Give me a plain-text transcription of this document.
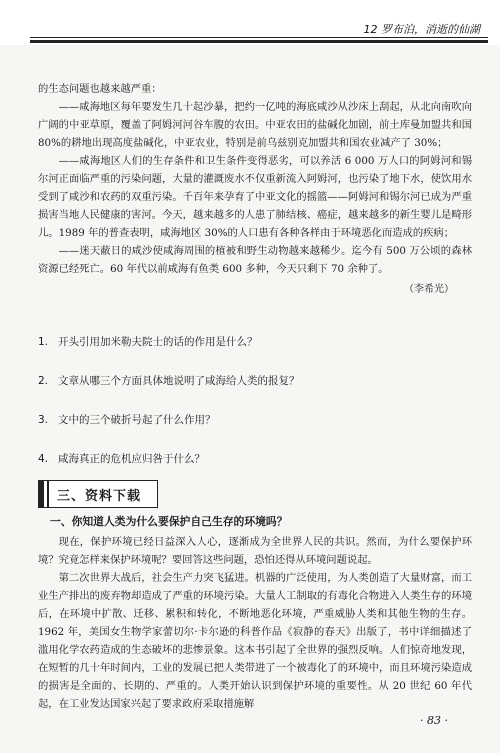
12 罗布泊，消逝的仙湖

的生态问题也越来越严重：

——咸海地区每年要发生几十起沙暴，把约一亿吨的海底咸沙从沙床上刮起，从北向南吹向广阔的中亚草原，覆盖了阿姆河河谷车腹的农田。中亚农田的盐碱化加剧，前土库曼加盟共和国 80%的耕地出现高度盐碱化，中亚农业，特别是前乌兹别克加盟共和国农业减产了 30%；

——咸海地区人们的生存条件和卫生条件变得恶劣，可以养活 6 000 万人口的阿姆河和锡尔河正面临严重的污染问题，大量的灌溉废水不仅重新流入阿姆河，也污染了地下水，使饮用水受到了咸沙和农药的双重污染。千百年来孕育了中亚文化的摇篮——阿姆河和锡尔河已成为严重损害当地人民健康的害河。今天，越来越多的人患了肺结核、癌症，越来越多的新生婴儿是畸形儿。1989 年的普查表明，咸海地区 30%的人口患有各种各样由于环境恶化而造成的疾病；

——迷天蔽日的咸沙使咸海周围的植被和野生动物越来越稀少。迄今有 500 万公顷的森林资源已经死亡。60 年代以前咸海有鱼类 600 多种，今天只剩下 70 余种了。

（李希光）

1. 开头引用加米勒夫院士的话的作用是什么？

2. 文章从哪三个方面具体地说明了咸海给人类的报复？

3. 文中的三个破折号起了什么作用？

4. 咸海真正的危机应归咎于什么？

三、资料下载

一、你知道人类为什么要保护自己生存的环境吗？

现在，保护环境已经日益深入人心，逐渐成为全世界人民的共识。然而，为什么要保护环境？究竟怎样来保护环境呢？要回答这些问题，恐怕还得从环境问题说起。

第二次世界大战后，社会生产力突飞猛进。机器的广泛使用，为人类创造了大量财富，而工业生产排出的废弃物却造成了严重的环境污染。大量人工制取的有毒化合物进入人类生存的环境后，在环境中扩散、迁移、累积和转化，不断地恶化环境，严重威胁人类和其他生物的生存。1962 年，美国女生物学家蕾切尔·卡尔逊的科普作品《寂静的春天》出版了，书中详细描述了滥用化学农药造成的生态破坏的悲惨景象。这本书引起了全世界的强烈反响。人们惊奇地发现，在短暂的几十年时间内，工业的发展已把人类带进了一个被毒化了的环境中，而且环境污染造成的损害是全面的、长期的、严重的。人类开始认识到保护环境的重要性。从 20 世纪 60 年代起，在工业发达国家兴起了要求政府采取措施解

· 83 ·
